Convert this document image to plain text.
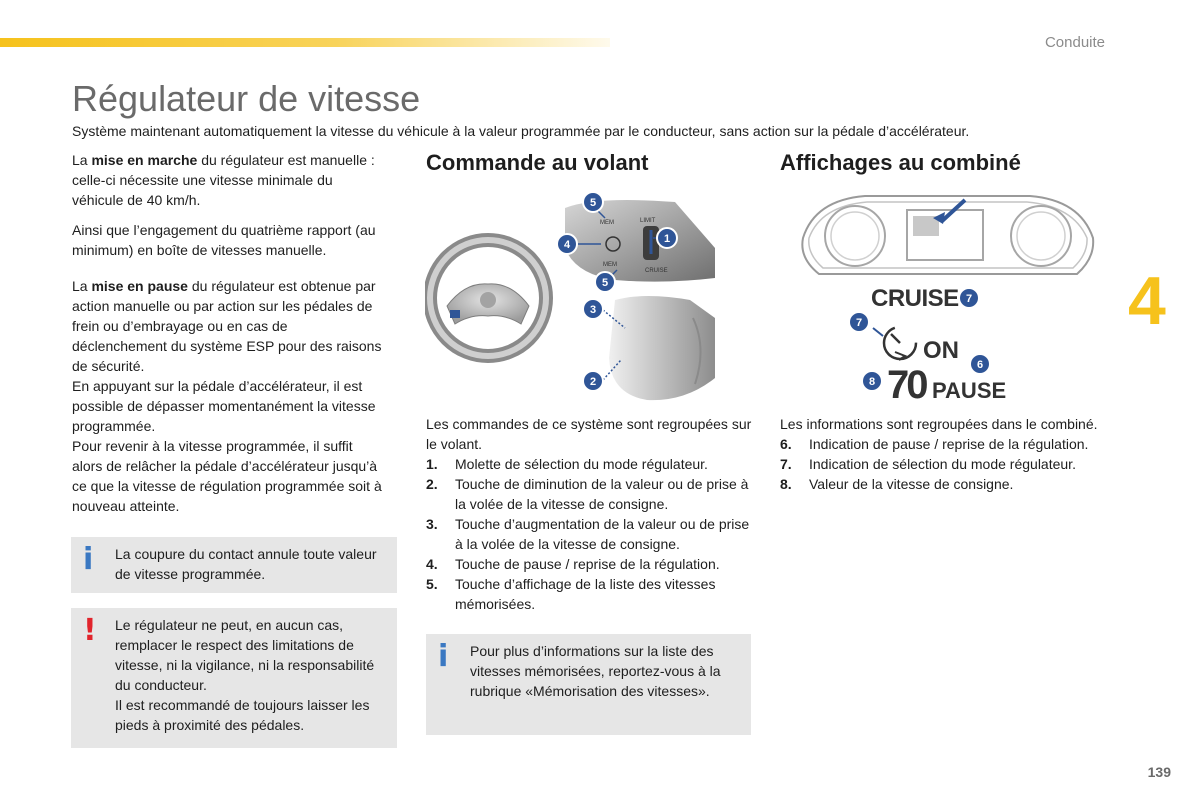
Conduite
Régulateur de vitesse
Système maintenant automatiquement la vitesse du véhicule à la valeur programmée par le conducteur, sans action sur la pédale d’accélérateur.

La mise en marche du régulateur est manuelle : celle-ci nécessite une vitesse minimale du véhicule de 40 km/h.

Ainsi que l’engagement du quatrième rapport (au minimum) en boîte de vitesses manuelle.

La mise en pause du régulateur est obtenue par action manuelle ou par action sur les pédales de frein ou d’embrayage ou en cas de déclenchement du système ESP pour des raisons de sécurité.

En appuyant sur la pédale d’accélérateur, il est possible de dépasser momentanément la vitesse programmée.

Pour revenir à la vitesse programmée, il suffit alors de relâcher la pédale d’accélérateur jusqu’à ce que la vitesse de régulation programmée soit à nouveau atteinte.

i La coupure du contact annule toute valeur de vitesse programmée.
! Le régulateur ne peut, en aucun cas, remplacer le respect des limitations de vitesse, ni la vigilance, ni la responsabilité du conducteur.
Il est recommandé de toujours laisser les pieds à proximité des pédales.
Commande au volant
MEM	LIMIT
CRUISE
MEM
5
4	1
5
3
2

Les commandes de ce système sont regroupées sur le volant.

1. Molette de sélection du mode régulateur.
2. Touche de diminution de la valeur ou de prise à la volée de la vitesse de consigne.
3. Touche d’augmentation de la valeur ou de prise à la volée de la vitesse de consigne.
4. Touche de pause / reprise de la régulation.
5. Touche d’affichage de la liste des vitesses mémorisées.
i Pour plus d’informations sur la liste des vitesses mémorisées, reportez-vous à la rubrique «Mémorisation des vitesses».
Affichages au combiné
CRUISE 7
7
ON
6
8 70 PAUSE

Les informations sont regroupées dans le combiné.

6. Indication de pause / reprise de la régulation.
7. Indication de sélection du mode régulateur.
8. Valeur de la vitesse de consigne.
4
139
